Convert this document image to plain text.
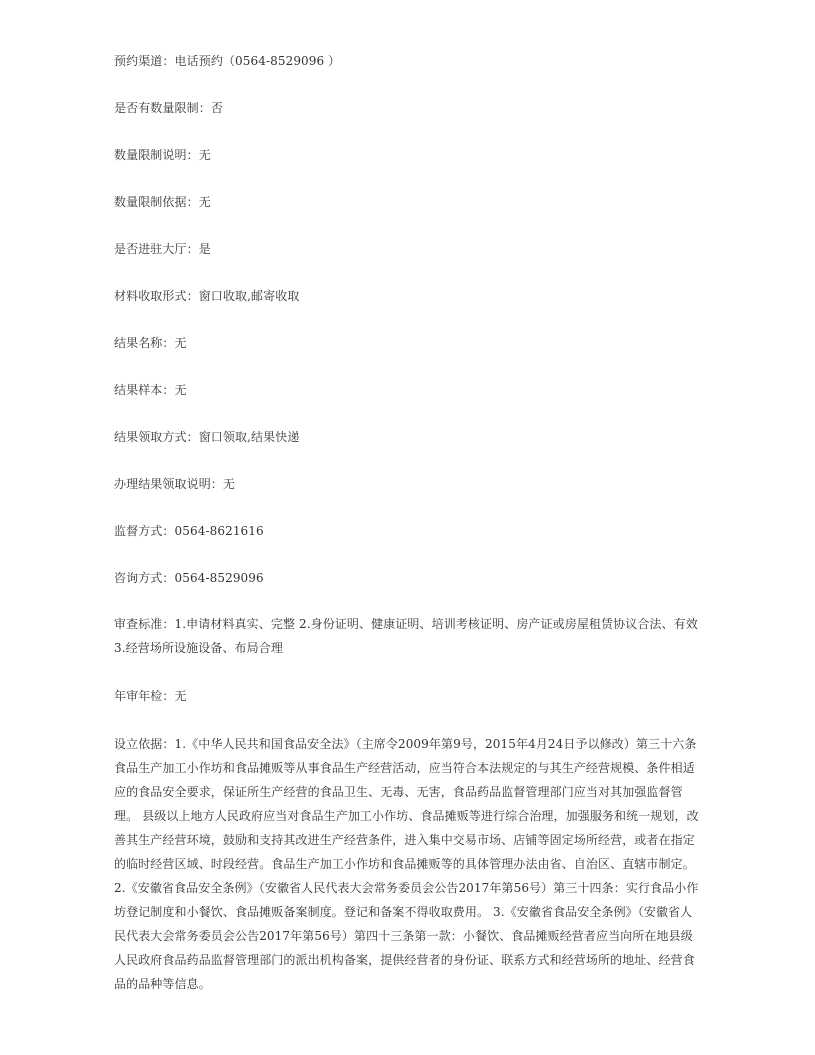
预约渠道：电话预约（0564-8529096 ）

是否有数量限制：否

数量限制说明：无

数量限制依据：无

是否进驻大厅：是

材料收取形式：窗口收取,邮寄收取

结果名称：无

结果样本：无

结果领取方式：窗口领取,结果快递

办理结果领取说明：无

监督方式：0564-8621616

咨询方式：0564-8529096

审查标准：1.申请材料真实、完整 2.身份证明、健康证明、培训考核证明、房产证或房屋租赁协议合法、有效 3.经营场所设施设备、布局合理

年审年检：无

设立依据：1.《中华人民共和国食品安全法》（主席令2009年第9号，2015年4月24日予以修改）第三十六条食品生产加工小作坊和食品摊贩等从事食品生产经营活动，应当符合本法规定的与其生产经营规模、条件相适应的食品安全要求，保证所生产经营的食品卫生、无毒、无害，食品药品监督管理部门应当对其加强监督管理。 县级以上地方人民政府应当对食品生产加工小作坊、食品摊贩等进行综合治理，加强服务和统一规划，改善其生产经营环境，鼓励和支持其改进生产经营条件，进入集中交易市场、店铺等固定场所经营，或者在指定的临时经营区域、时段经营。食品生产加工小作坊和食品摊贩等的具体管理办法由省、自治区、直辖市制定。 2.《安徽省食品安全条例》（安徽省人民代表大会常务委员会公告2017年第56号）第三十四条：实行食品小作坊登记制度和小餐饮、食品摊贩备案制度。登记和备案不得收取费用。 3.《安徽省食品安全条例》（安徽省人民代表大会常务委员会公告2017年第56号）第四十三条第一款：小餐饮、食品摊贩经营者应当向所在地县级人民政府食品药品监督管理部门的派出机构备案，提供经营者的身份证、联系方式和经营场所的地址、经营食品的品种等信息。
